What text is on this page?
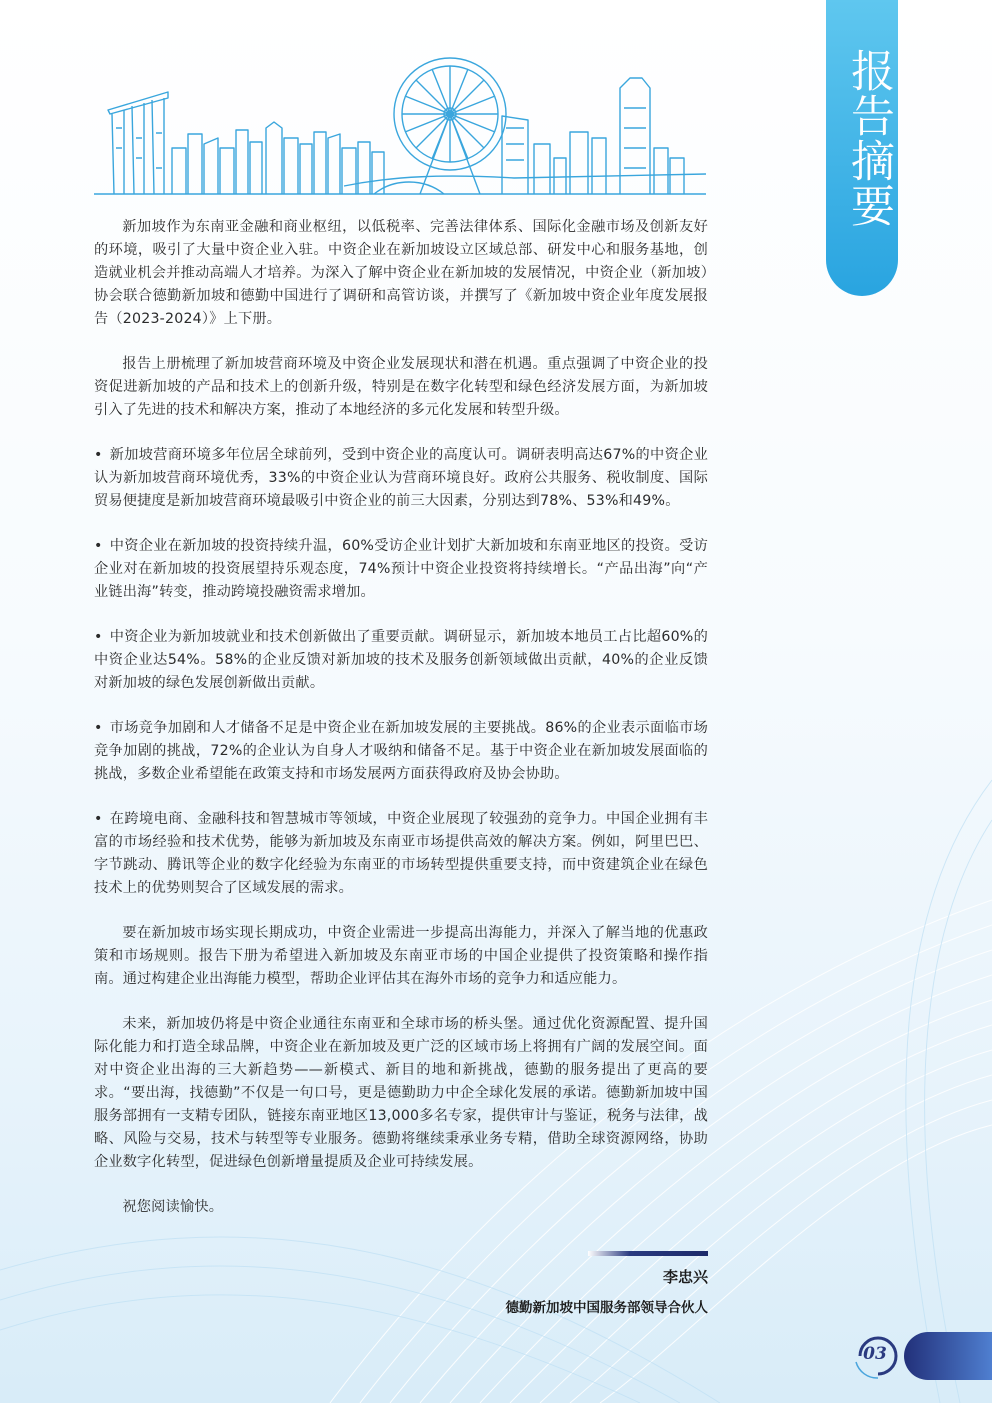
报告摘要

新加坡作为东南亚金融和商业枢纽，以低税率、完善法律体系、国际化金融市场及创新友好的环境，吸引了大量中资企业入驻。中资企业在新加坡设立区域总部、研发中心和服务基地，创造就业机会并推动高端人才培养。为深入了解中资企业在新加坡的发展情况，中资企业（新加坡）协会联合德勤新加坡和德勤中国进行了调研和高管访谈，并撰写了《新加坡中资企业年度发展报告（2023-2024）》上下册。

报告上册梳理了新加坡营商环境及中资企业发展现状和潜在机遇。重点强调了中资企业的投资促进新加坡的产品和技术上的创新升级，特别是在数字化转型和绿色经济发展方面，为新加坡引入了先进的技术和解决方案，推动了本地经济的多元化发展和转型升级。

• 新加坡营商环境多年位居全球前列，受到中资企业的高度认可。调研表明高达67%的中资企业认为新加坡营商环境优秀，33%的中资企业认为营商环境良好。政府公共服务、税收制度、国际贸易便捷度是新加坡营商环境最吸引中资企业的前三大因素，分别达到78%、53%和49%。

• 中资企业在新加坡的投资持续升温，60%受访企业计划扩大新加坡和东南亚地区的投资。受访企业对在新加坡的投资展望持乐观态度，74%预计中资企业投资将持续增长。“产品出海”向“产业链出海”转变，推动跨境投融资需求增加。

• 中资企业为新加坡就业和技术创新做出了重要贡献。调研显示，新加坡本地员工占比超60%的中资企业达54%。58%的企业反馈对新加坡的技术及服务创新领域做出贡献，40%的企业反馈对新加坡的绿色发展创新做出贡献。

• 市场竞争加剧和人才储备不足是中资企业在新加坡发展的主要挑战。86%的企业表示面临市场竞争加剧的挑战，72%的企业认为自身人才吸纳和储备不足。基于中资企业在新加坡发展面临的挑战，多数企业希望能在政策支持和市场发展两方面获得政府及协会协助。

• 在跨境电商、金融科技和智慧城市等领域，中资企业展现了较强劲的竞争力。中国企业拥有丰富的市场经验和技术优势，能够为新加坡及东南亚市场提供高效的解决方案。例如，阿里巴巴、字节跳动、腾讯等企业的数字化经验为东南亚的市场转型提供重要支持，而中资建筑企业在绿色技术上的优势则契合了区域发展的需求。

要在新加坡市场实现长期成功，中资企业需进一步提高出海能力，并深入了解当地的优惠政策和市场规则。报告下册为希望进入新加坡及东南亚市场的中国企业提供了投资策略和操作指南。通过构建企业出海能力模型，帮助企业评估其在海外市场的竞争力和适应能力。

未来，新加坡仍将是中资企业通往东南亚和全球市场的桥头堡。通过优化资源配置、提升国际化能力和打造全球品牌，中资企业在新加坡及更广泛的区域市场上将拥有广阔的发展空间。面对中资企业出海的三大新趋势——新模式、新目的地和新挑战，德勤的服务提出了更高的要求。“要出海，找德勤”不仅是一句口号，更是德勤助力中企全球化发展的承诺。德勤新加坡中国服务部拥有一支精专团队，链接东南亚地区13,000多名专家，提供审计与鉴证，税务与法律，战略、风险与交易，技术与转型等专业服务。德勤将继续秉承业务专精，借助全球资源网络，协助企业数字化转型，促进绿色创新增量提质及企业可持续发展。

祝您阅读愉快。

李忠兴

德勤新加坡中国服务部领导合伙人

03
